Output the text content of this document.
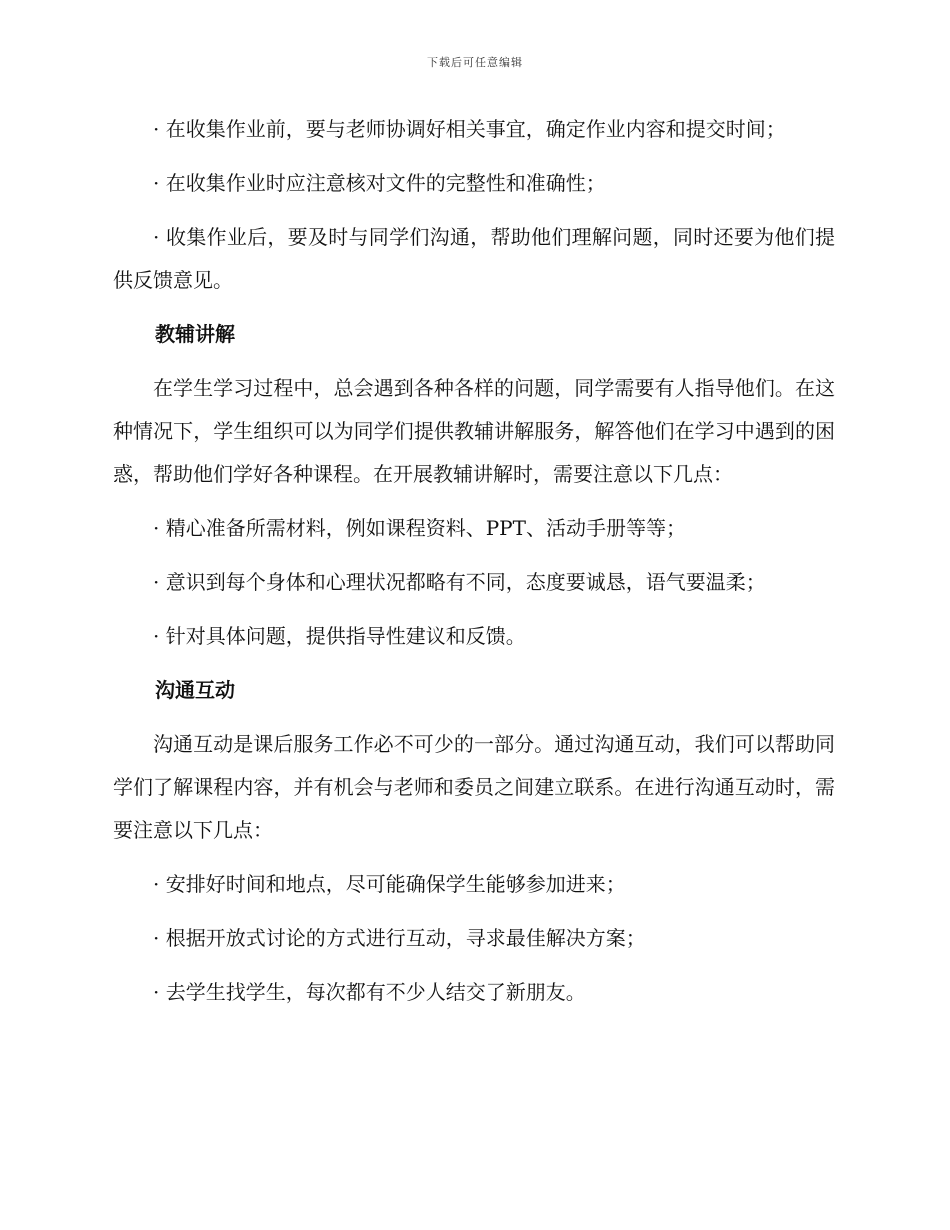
下载后可任意编辑

· 在收集作业前，要与老师协调好相关事宜，确定作业内容和提交时间；

· 在收集作业时应注意核对文件的完整性和准确性；

· 收集作业后，要及时与同学们沟通，帮助他们理解问题，同时还要为他们提供反馈意见。

教辅讲解

在学生学习过程中，总会遇到各种各样的问题，同学需要有人指导他们。在这种情况下，学生组织可以为同学们提供教辅讲解服务，解答他们在学习中遇到的困惑，帮助他们学好各种课程。在开展教辅讲解时，需要注意以下几点：

· 精心准备所需材料，例如课程资料、PPT、活动手册等等；

· 意识到每个身体和心理状况都略有不同，态度要诚恳，语气要温柔；

· 针对具体问题，提供指导性建议和反馈。

沟通互动

沟通互动是课后服务工作必不可少的一部分。通过沟通互动，我们可以帮助同学们了解课程内容，并有机会与老师和委员之间建立联系。在进行沟通互动时，需要注意以下几点：

· 安排好时间和地点，尽可能确保学生能够参加进来；

· 根据开放式讨论的方式进行互动，寻求最佳解决方案；

· 去学生找学生，每次都有不少人结交了新朋友。
